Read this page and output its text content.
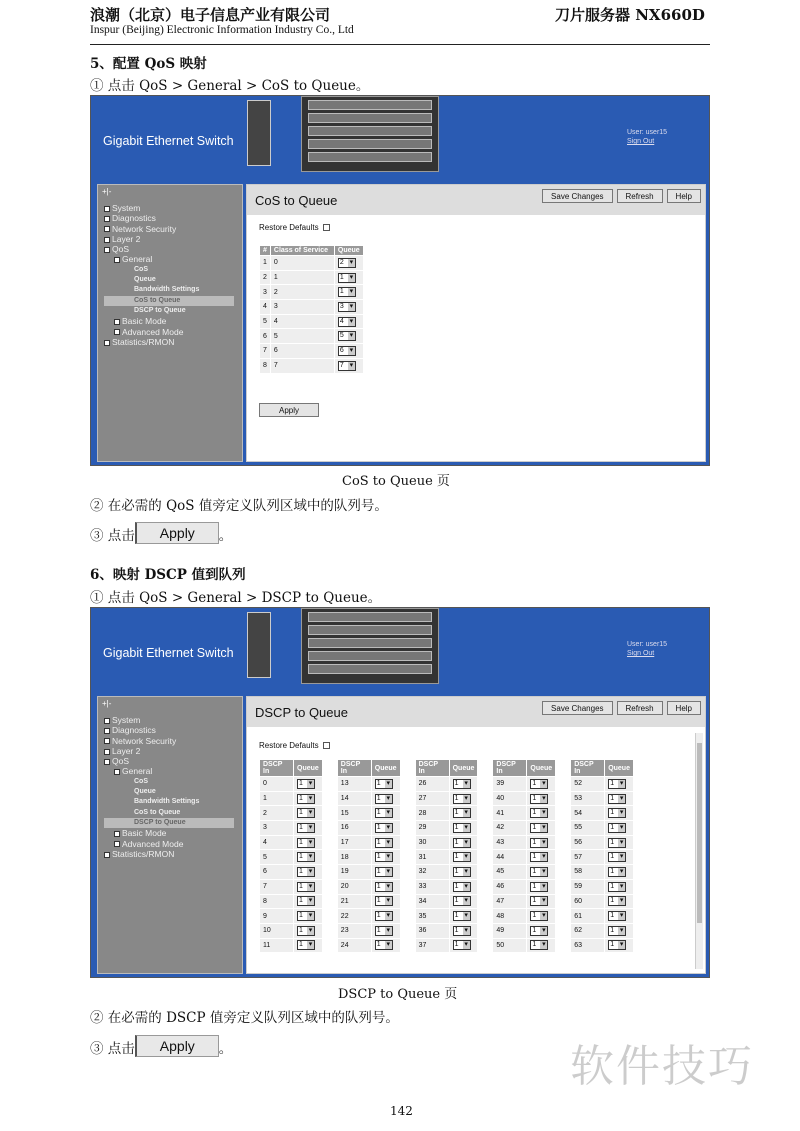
浪潮（北京）电子信息产业有限公司	刀片服务器 NX660D
Inspur (Beijing) Electronic Information Industry Co., Ltd
5、配置 QoS 映射
① 点击 QoS > General > CoS to Queue。
Gigabit Ethernet Switch
User: user15
Sign Out
+|-
System
Diagnostics
Network Security
Layer 2
QoS
General
CoS
Queue
Bandwidth Settings
CoS to Queue
DSCP to Queue
Basic Mode
Advanced Mode
Statistics/RMON
CoS to Queue	Save Changes	Refresh	Help
Restore Defaults
#	Class of Service	Queue
1	0	2 ▾
2	1	1 ▾
3	2	1 ▾
4	3	3 ▾
5	4	4 ▾
6	5	5 ▾
7	6	6 ▾
8	7	7 ▾
Apply
CoS to Queue 页
② 在必需的 QoS 值旁定义队列区域中的队列号。
③ 点击 Apply 。
6、映射 DSCP 值到队列
① 点击 QoS > General > DSCP to Queue。
Gigabit Ethernet Switch
User: user15
Sign Out
+|-
System
Diagnostics
Network Security
Layer 2
QoS
General
CoS
Queue
Bandwidth Settings
CoS to Queue
DSCP to Queue
Basic Mode
Advanced Mode
Statistics/RMON
DSCP to Queue	Save Changes	Refresh	Help
Restore Defaults
DSCP In	Queue
0	1 ▾
1	1 ▾
2	1 ▾
3	1 ▾
4	1 ▾
5	1 ▾
6	1 ▾
7	1 ▾
8	1 ▾
9	1 ▾
10	1 ▾
11	1 ▾
DSCP In	Queue
13	1 ▾
14	1 ▾
15	1 ▾
16	1 ▾
17	1 ▾
18	1 ▾
19	1 ▾
20	1 ▾
21	1 ▾
22	1 ▾
23	1 ▾
24	1 ▾
DSCP In	Queue
26	1 ▾
27	1 ▾
28	1 ▾
29	1 ▾
30	1 ▾
31	1 ▾
32	1 ▾
33	1 ▾
34	1 ▾
35	1 ▾
36	1 ▾
37	1 ▾
DSCP In	Queue
39	1 ▾
40	1 ▾
41	1 ▾
42	1 ▾
43	1 ▾
44	1 ▾
45	1 ▾
46	1 ▾
47	1 ▾
48	1 ▾
49	1 ▾
50	1 ▾
DSCP In	Queue
52	1 ▾
53	1 ▾
54	1 ▾
55	1 ▾
56	1 ▾
57	1 ▾
58	1 ▾
59	1 ▾
60	1 ▾
61	1 ▾
62	1 ▾
63	1 ▾
DSCP to Queue 页
② 在必需的 DSCP 值旁定义队列区域中的队列号。
③ 点击 Apply 。
142
软件技巧
